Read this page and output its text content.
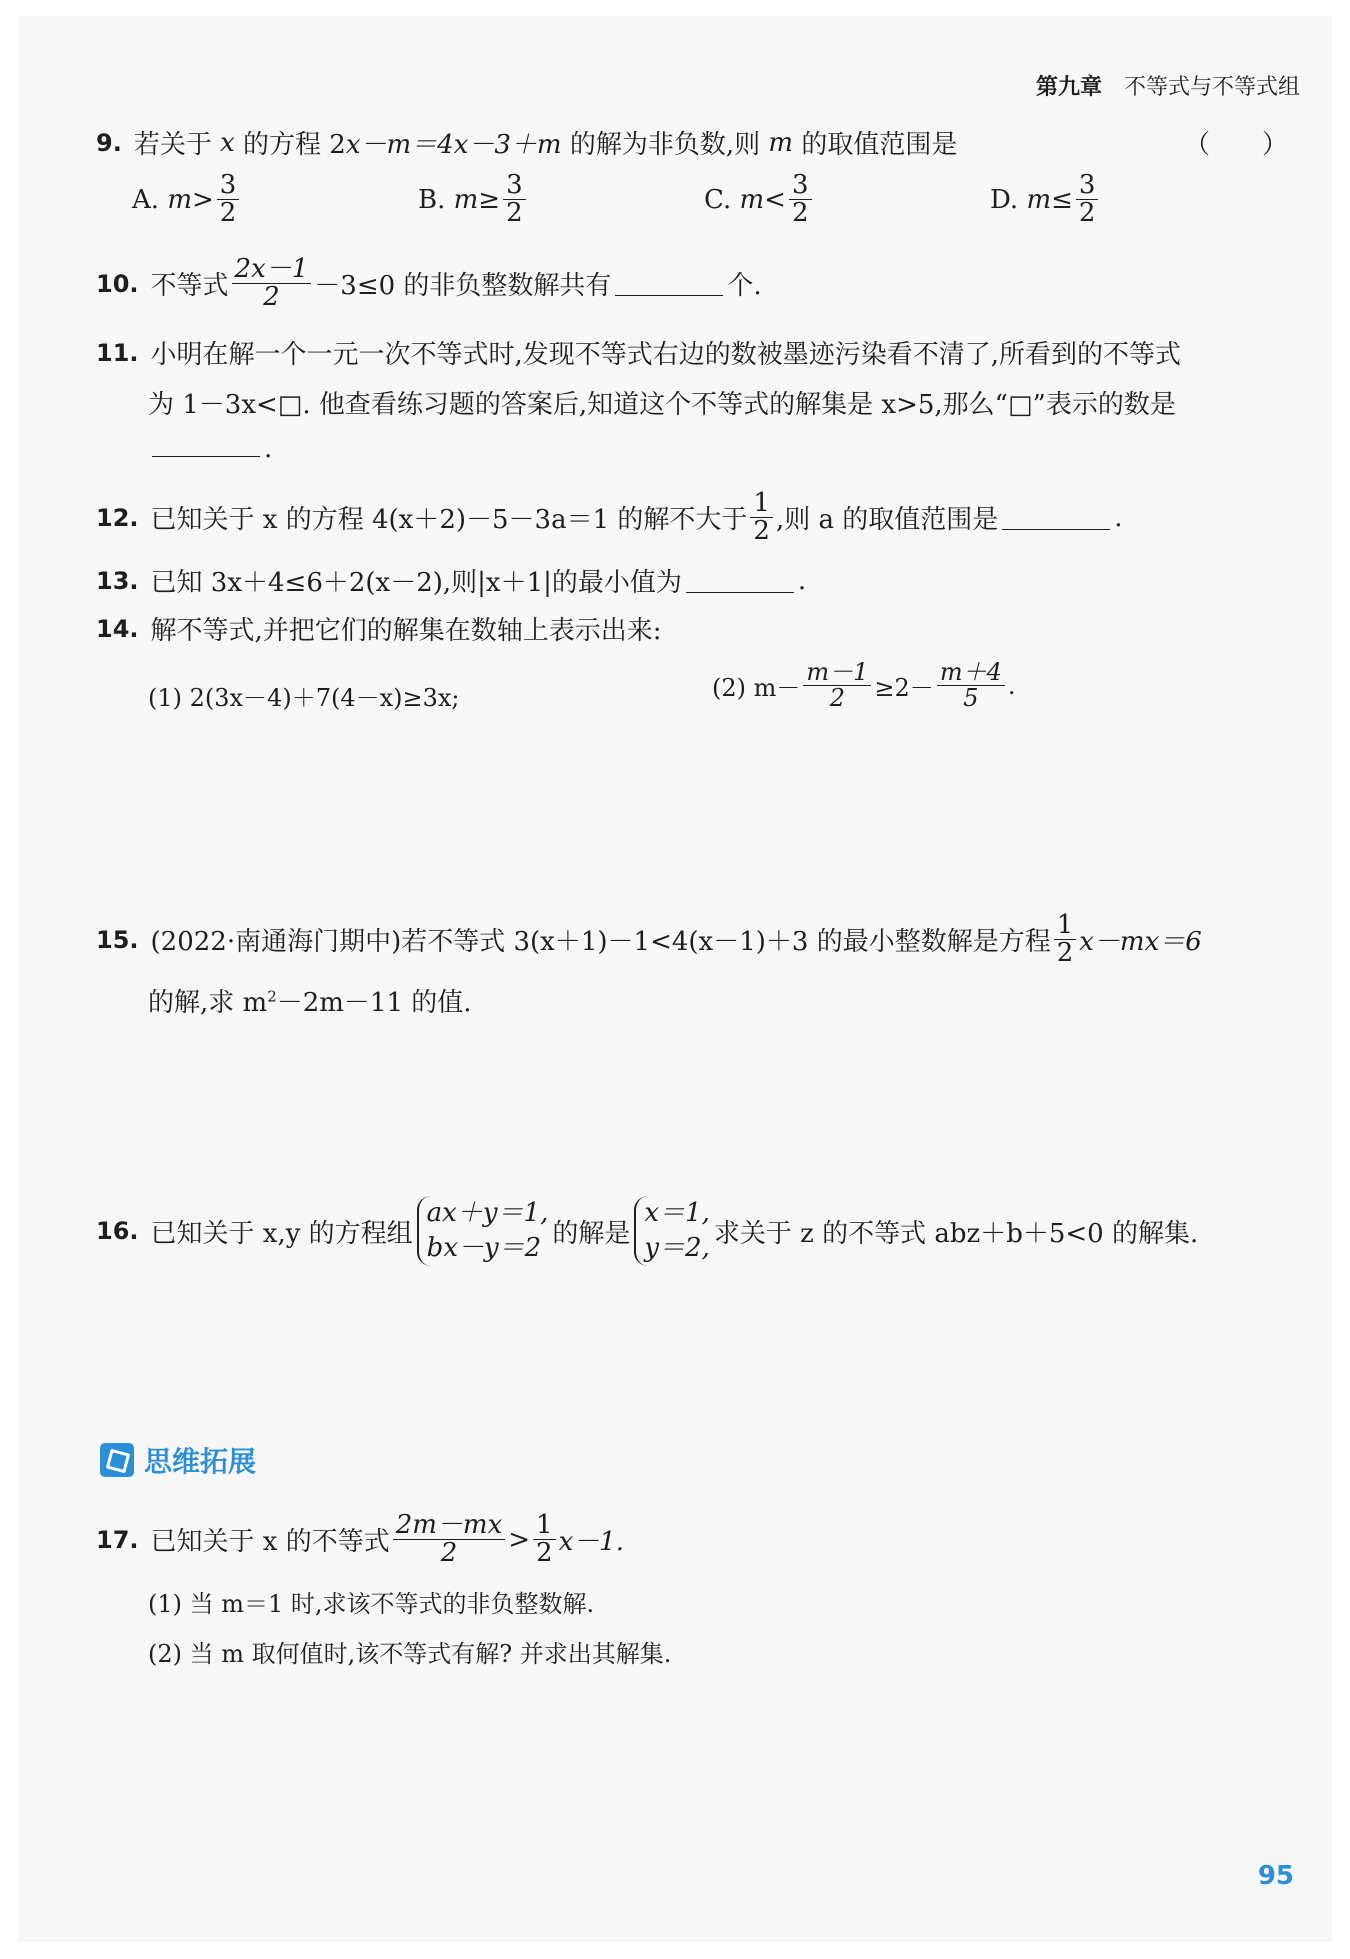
第九章 不等式与不等式组
9. 若关于
x
的方程 2 x－m＝4x－3＋m
的解为非负数,则
m
的取值范围是	（　　）
A.
$m > \frac{3}{2}$	B.
$m \ge \frac{3}{2}$	C.
$m < \frac{3}{2}$	D.
$m \le \frac{3}{2}$
10. 不等式 $\frac{2x-1}{2} -3\le 0$ 的非负整数解共有	个.
11. 小明在解一个一元一次不等式时,发现不等式右边的数被墨迹污染看不清了,所看到的不等式
为 1－3x<□. 他查看练习题的答案后,知道这个不等式的解集是 x>5,那么“□”表示的数是
.
12. 已知关于 x 的方程 4(x＋2)－5－3a＝1 的解不大于 $\frac{1}{2}$ ,则 a 的取值范围是	.
13. 已知 3x＋4≤6＋2(x－2),则|x＋1|的最小值为	.
14. 解不等式,并把它们的解集在数轴上表示出来:
(1) 2(3x－4)＋7(4－x)≥3x;	(2) $m- \frac{m-1}{2} \ge 2- \frac{m+4}{5}$ .
15. (2022·南通海门期中)若不等式 3(x＋1)－1<4(x－1)＋3 的最小整数解是方程 $\frac{1}{2} x-mx=6$
的解,求 $m^2-2m-11$ 的值.
16. 已知关于 x,y 的方程组
ax＋y＝1,
bx－y＝2 的解是
x＝1,
y＝2, 求关于 z 的不等式 abz＋b＋5<0 的解集.
思维拓展
17. 已知关于 x 的不等式 $\frac{2m-mx}{2} > \frac{1}{2} x-1$.
(1) 当 m＝1 时,求该不等式的非负整数解.
(2) 当 m 取何值时,该不等式有解? 并求出其解集.
95
